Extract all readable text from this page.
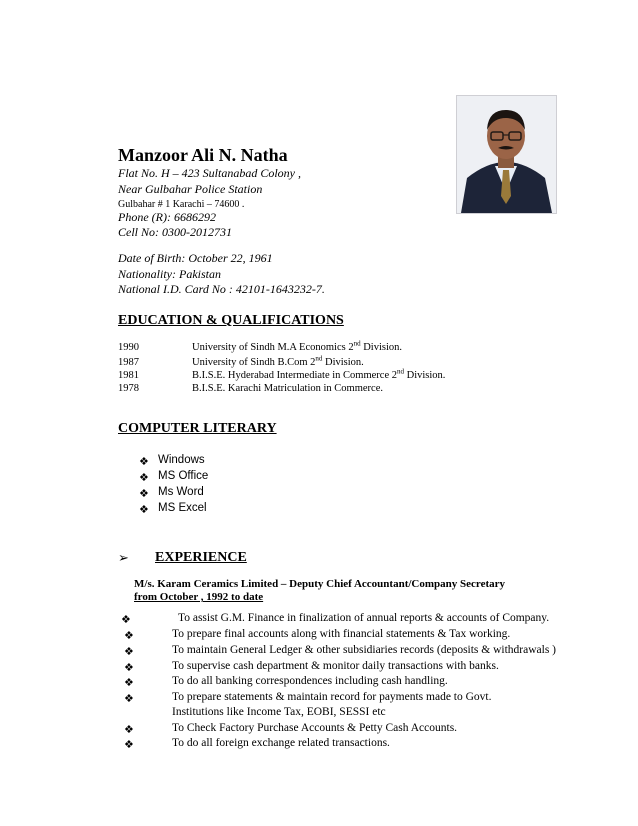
Manzoor Ali N. Natha
Flat No. H – 423 Sultanabad Colony ,
Near Gulbahar Police Station
Gulbahar # 1 Karachi – 74600 .
Phone (R): 6686292
Cell No: 0300-2012731
Date of Birth: October 22, 1961
Nationality: Pakistan
National I.D. Card No : 42101-1643232-7.
EDUCATION & QUALIFICATIONS
1990	University of Sindh M.A Economics 2nd Division.
1987	University of Sindh B.Com 2nd Division.
1981	B.I.S.E. Hyderabad Intermediate in Commerce 2nd Division.
1978	B.I.S.E. Karachi Matriculation in Commerce.
COMPUTER LITERARY
❖ Windows
❖ MS Office
❖ Ms Word
❖ MS Excel
➢ EXPERIENCE
M/s. Karam Ceramics Limited – Deputy Chief Accountant/Company Secretary
from October , 1992 to date
❖	To assist G.M. Finance in finalization of annual reports & accounts of Company.
❖	To prepare final accounts along with financial statements & Tax working.
❖	To maintain General Ledger & other subsidiaries records (deposits & withdrawals )
❖	To supervise cash department & monitor daily transactions with banks.
❖	To do all banking correspondences including cash handling.
❖	To prepare statements & maintain record for payments made to Govt.
Institutions like Income Tax, EOBI, SESSI etc
❖	To Check Factory Purchase Accounts & Petty Cash Accounts.
❖	To do all foreign exchange related transactions.
